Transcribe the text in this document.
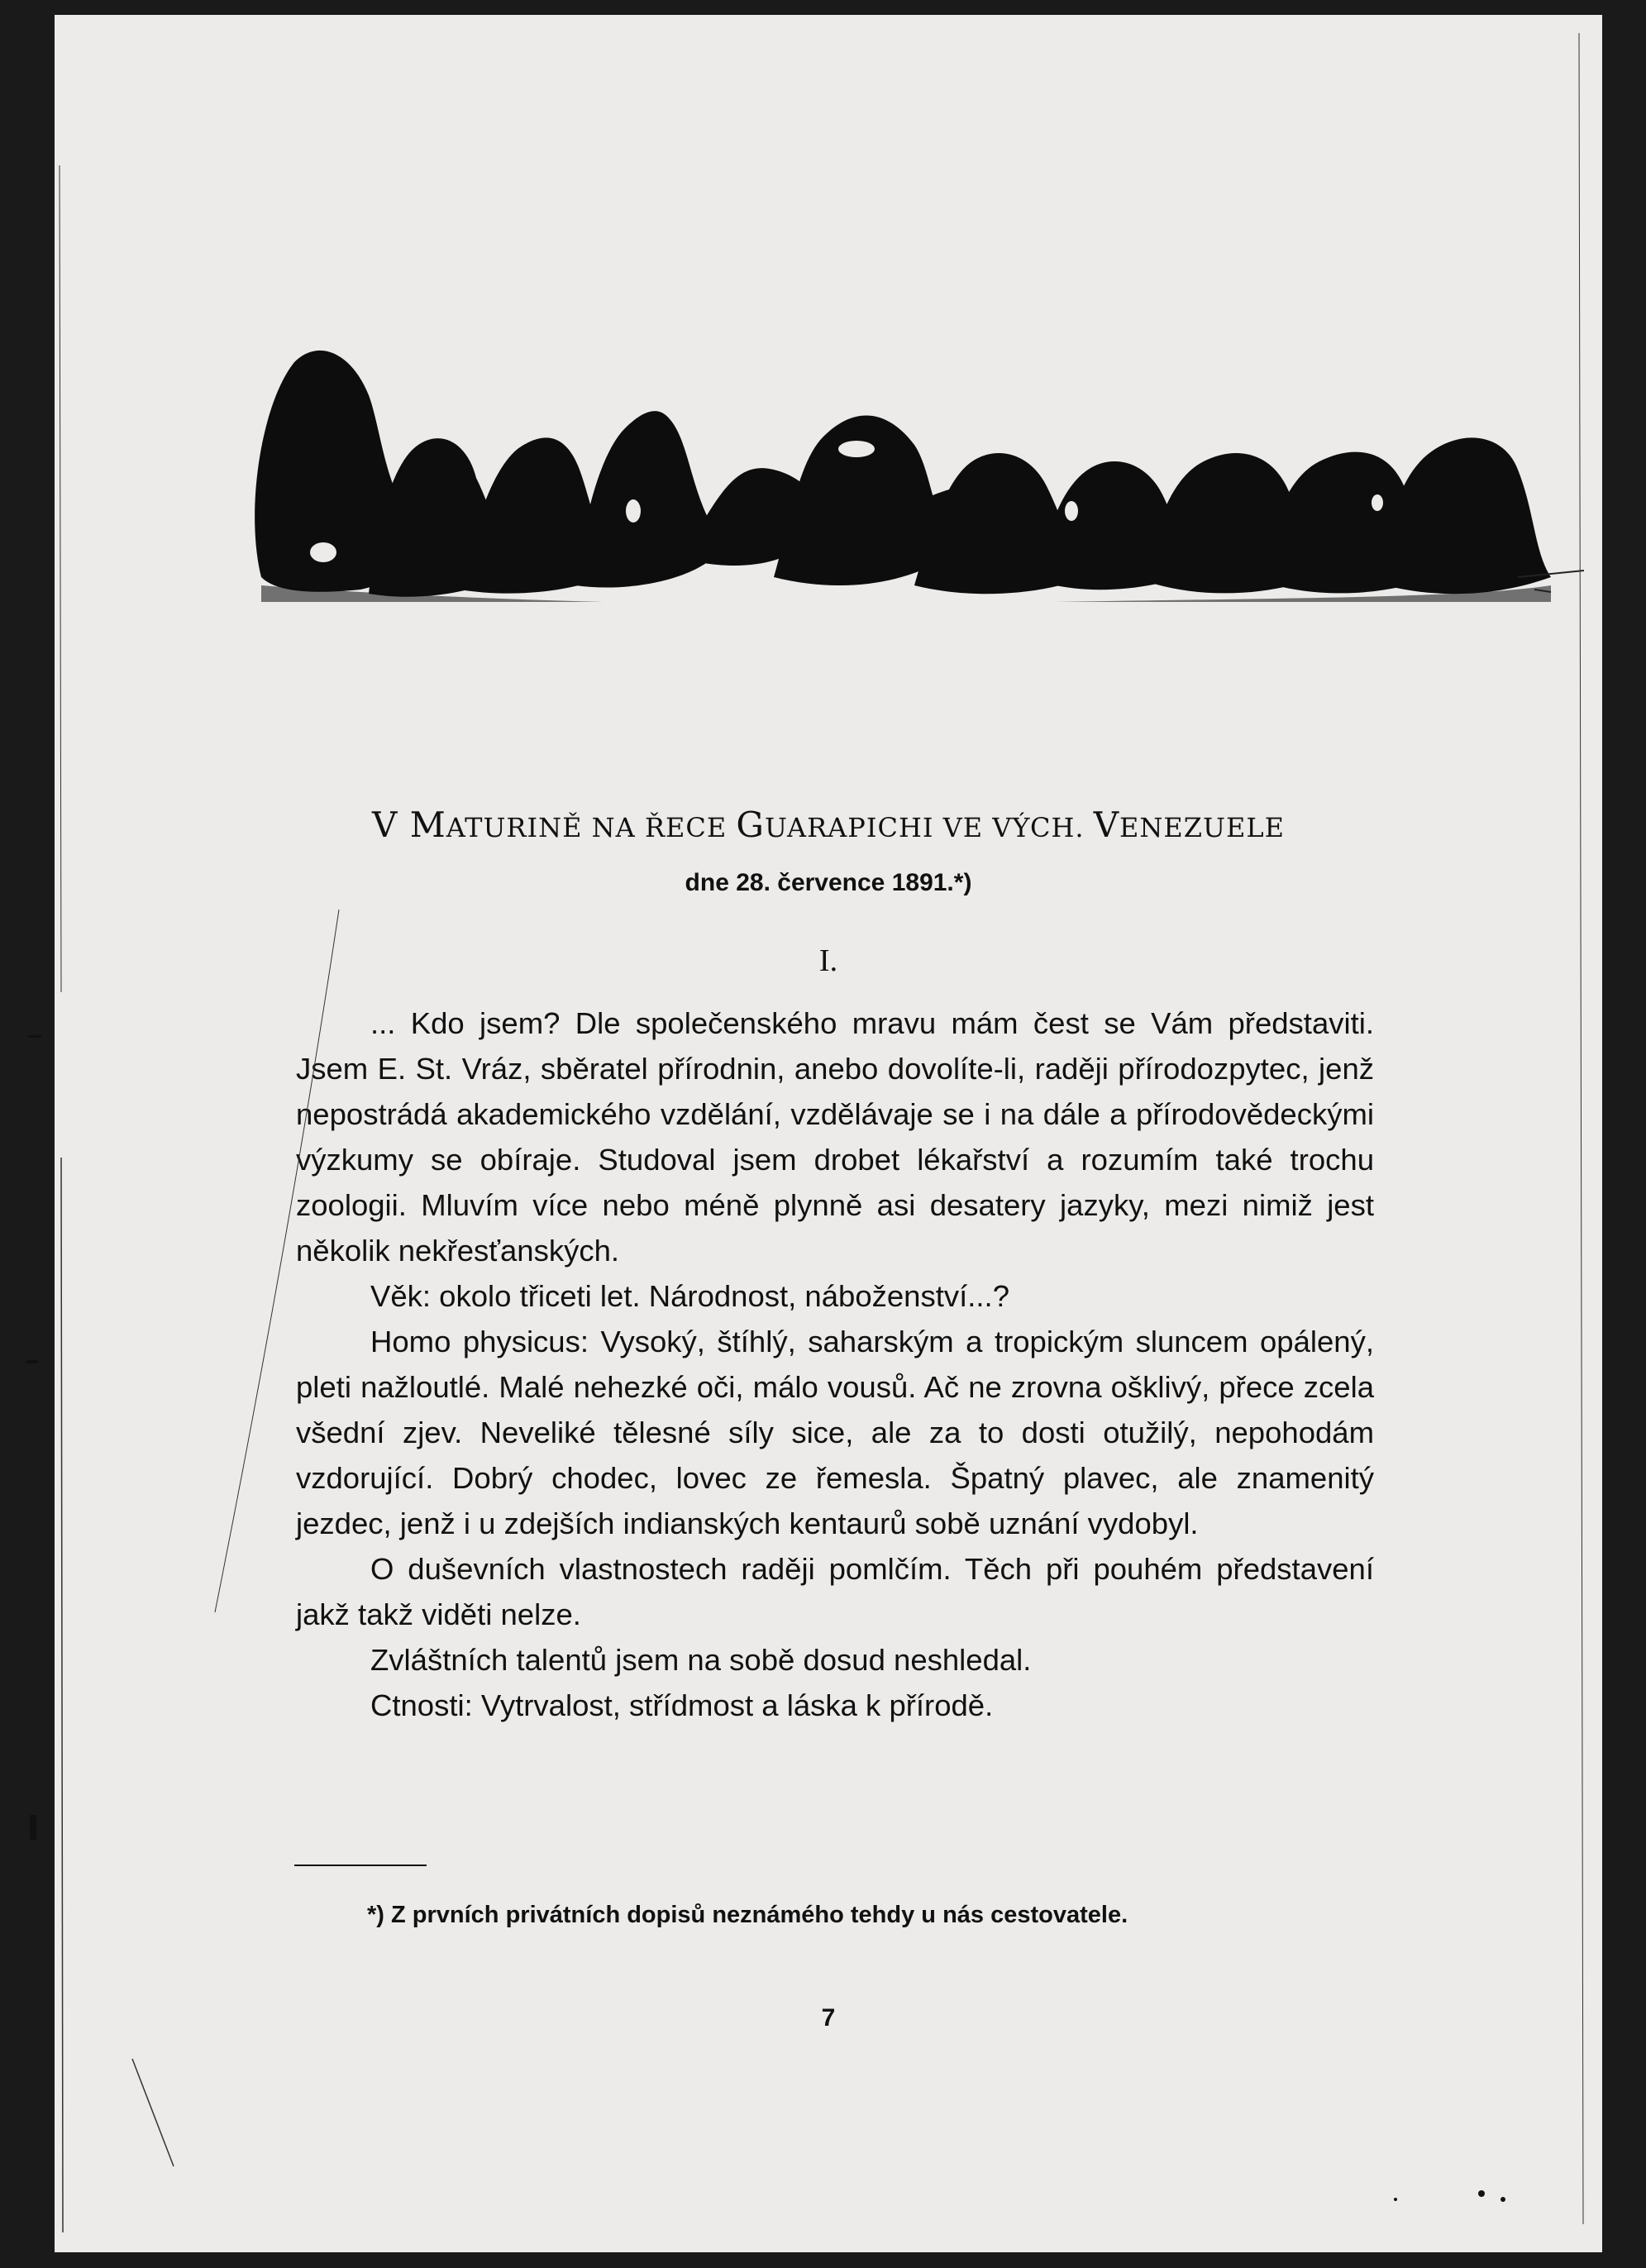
V MATURINĚ NA ŘECE GUARAPICHI VE VÝCH. VENEZUELE
dne 28. července 1891.*)
I.

... Kdo jsem? Dle společenského mravu mám čest se Vám představiti. Jsem E. St. Vráz, sběratel přírodnin, anebo dovolíte-li, raději přírodozpytec, jenž nepostrádá akademického vzdělání, vzdělávaje se i na dále a přírodovědeckými výzkumy se obíraje. Studoval jsem drobet lékařství a rozumím také trochu zoologii. Mluvím více nebo méně plynně asi desatery jazyky, mezi nimiž jest několik nekřesťanských.

Věk: okolo třiceti let. Národnost, náboženství...?

Homo physicus: Vysoký, štíhlý, saharským a tropickým sluncem opálený, pleti nažloutlé. Malé nehezké oči, málo vousů. Ač ne zrovna ošklivý, přece zcela všední zjev. Neveliké tělesné síly sice, ale za to dosti otužilý, nepohodám vzdorující. Dobrý chodec, lovec ze řemesla. Špatný plavec, ale znamenitý jezdec, jenž i u zdejších indianských kentaurů sobě uznání vydobyl.

O duševních vlastnostech raději pomlčím. Těch při pouhém představení jakž takž viděti nelze.

Zvláštních talentů jsem na sobě dosud neshledal.

Ctnosti: Vytrvalost, střídmost a láska k přírodě.

*) Z prvních privátních dopisů neznámého tehdy u nás cestovatele.
7
